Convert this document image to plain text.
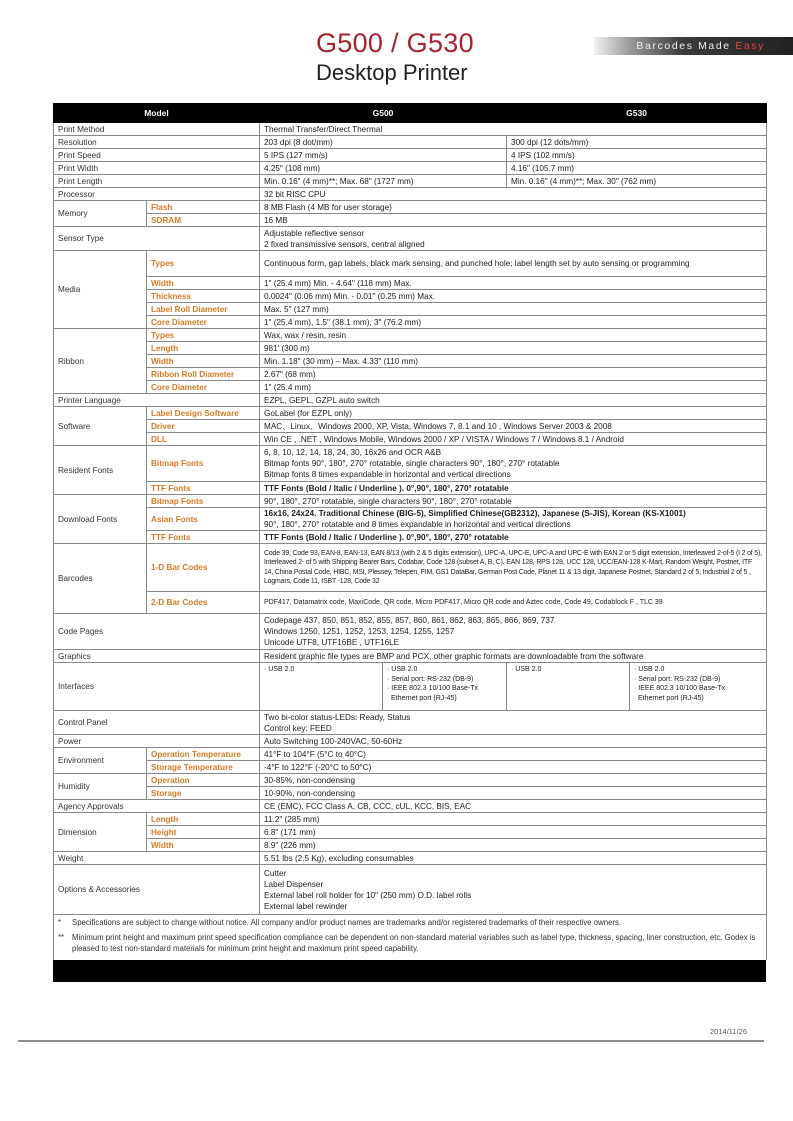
G500 / G530
Desktop Printer
Barcodes Made Easy
Model		G500		G530	
Print Method		Thermal Transfer/Direct Thermal			
Resolution		203 dpi (8 dot/mm)		300 dpi (12 dots/mm)	
Print Speed		5 IPS (127 mm/s)		4 IPS (102 mm/s)	
Print Width		4.25" (108 mm)		4.16" (105.7 mm)	
Print Length		Min. 0.16" (4 mm)**; Max. 68" (1727 mm)		Min. 0.16" (4 mm)**; Max. 30" (762 mm)	
Processor		32 bit RISC CPU			
Memory	Flash	8 MB Flash (4 MB for user storage)			
	SDRAM	16 MB			
Sensor Type		Adjustable reflective sensor
2 fixed transmissive sensors, central aligned			

Media	Types	Continuous form, gap labels, black mark sensing, and punched hole; label length set by auto sensing or programming			
	Width	1" (25.4 mm) Min. - 4.64" (118 mm) Max.			
	Thickness	0.0024" (0.06 mm) Min. - 0.01" (0.25 mm) Max.			
	Label Roll Diameter	Max. 5" (127 mm)			
	Core Diameter	1" (25.4 mm), 1.5" (38.1 mm), 3" (76.2 mm)			
Ribbon	Types	Wax, wax / resin, resin			
	Length	981' (300 m)			
	Width	Min. 1.18" (30 mm) – Max. 4.33" (110 mm)			
	Ribbon Roll Diameter	2.67" (68 mm)			
	Core Diameter	1" (25.4 mm)			
Printer Language		EZPL, GEPL, GZPL auto switch			
Software	Label Design Software	GoLabel (for EZPL only)			
	Driver	MAC、Linux、Windows 2000, XP, Vista, Windows 7, 8.1 and 10 , Windows Server 2003 & 2008			
	DLL	Win CE , .NET , Windows Mobile, Windows 2000 / XP / VISTA / Windows 7 / Windows 8.1 / Android			
Resident Fonts	Bitmap Fonts	6, 8, 10, 12, 14, 18, 24, 30, 16x26 and OCR A&B
Bitmap fonts 90°, 180°, 270° rotatable, single characters 90°, 180°, 270° rotatable
Bitmap fonts 8 times expandable in horizontal and vertical directions			

	TTF Fonts	TTF Fonts (Bold / Italic / Underline ). 0°,90°, 180°, 270° rotatable			
Download Fonts	Bitmap Fonts	90°, 180°, 270° rotatable, single characters 90°, 180°, 270° rotatable			
	Asian Fonts	16x16, 24x24. Traditional Chinese (BIG-5), Simplified Chinese(GB2312), Japanese (S-JIS), Korean (KS-X1001)
90°, 180°, 270° rotatable and 8 times expandable in horizontal and vertical directions			

	TTF Fonts	TTF Fonts (Bold / Italic / Underline ). 0°,90°, 180°, 270° rotatable			
Barcodes	1-D Bar Codes	Code 39, Code 93, EAN-8, EAN-13, EAN 8/13 (with 2 & 5 digits extension), UPC-A, UPC-E, UPC-A and UPC-E with EAN 2 or 5 digit extension, Interleaved 2-of-5 (I 2 of 5), Interleaved 2- of 5 with Shipping Bearer Bars, Codabar, Code 128 (subset A, B, C), EAN 128, RPS 128, UCC 128, UCC/EAN-128 K-Mart, Random Weight, Postnet, ITF 14, China Postal Code, HIBC, MSI, Plessey, Telepen, FIM, GS1 DataBar, German Post Code, Planet 11 & 13 digit, Japanese Postnet, Standard 2 of 5, Industrial 2 of 5 , Logmars, Code 11, ISBT -128, Code 32			
	2-D Bar Codes	PDF417, Datamatrix code, MaxiCode, QR code, Micro PDF417, Micro QR code and Aztec code, Code 49, Codablock F , TLC 39			
Code Pages		Codepage 437, 850, 851, 852, 855, 857, 860, 861, 862, 863, 865, 866, 869, 737
Windows 1250, 1251, 1252, 1253, 1254, 1255, 1257
Unicode UTF8, UTF16BE , UTF16LE			

Graphics		Resident graphic file types are BMP and PCX, other graphic formats are downloadable from the software			
Interfaces		· USB 2.0	· USB 2.0
· Serial port: RS-232 (DB-9)
· IEEE 802.3 10/100 Base-Tx
Ethernet port (RJ-45)	· USB 2.0	· USB 2.0
· Serial port: RS-232 (DB-9)
· IEEE 802.3 10/100 Base-Tx
Ethernet port (RJ-45)

Control Panel		Two bi-color status-LEDs: Ready, Status
Control key: FEED			

Power		Auto Switching 100-240VAC, 50-60Hz			
Environment	Operation Temperature	41°F to 104°F (5°C to 40°C)			
	Storage Temperature	-4°F to 122°F (-20°C to 50°C)			
Humidity	Operation	30-85%, non-condensing			
	Storage	10-90%, non-condensing			
Agency Approvals		CE (EMC), FCC Class A, CB, CCC, cUL, KCC, BIS, EAC			
Dimension	Length	11.2" (285 mm)			
	Height	6.8" (171 mm)			
	Width	8.9" (226 mm)			
Weight		5.51 lbs (2.5 Kg), excluding consumables			
Options & Accessories		Cutter
Label Dispenser
External label roll holder for 10" (250 mm) O.D. label rolls
External label rewinder			

* Specifications are subject to change without notice. All company and/or product names are trademarks and/or registered trademarks of their respective owners.					

** Minimum print height and maximum print speed specification compliance can be dependent on non-standard material variables such as label type, thickness, spacing, liner construction, etc. Godex is pleased to test non-standard materials for minimum print height and maximum print speed capability.					
2014/11/26
